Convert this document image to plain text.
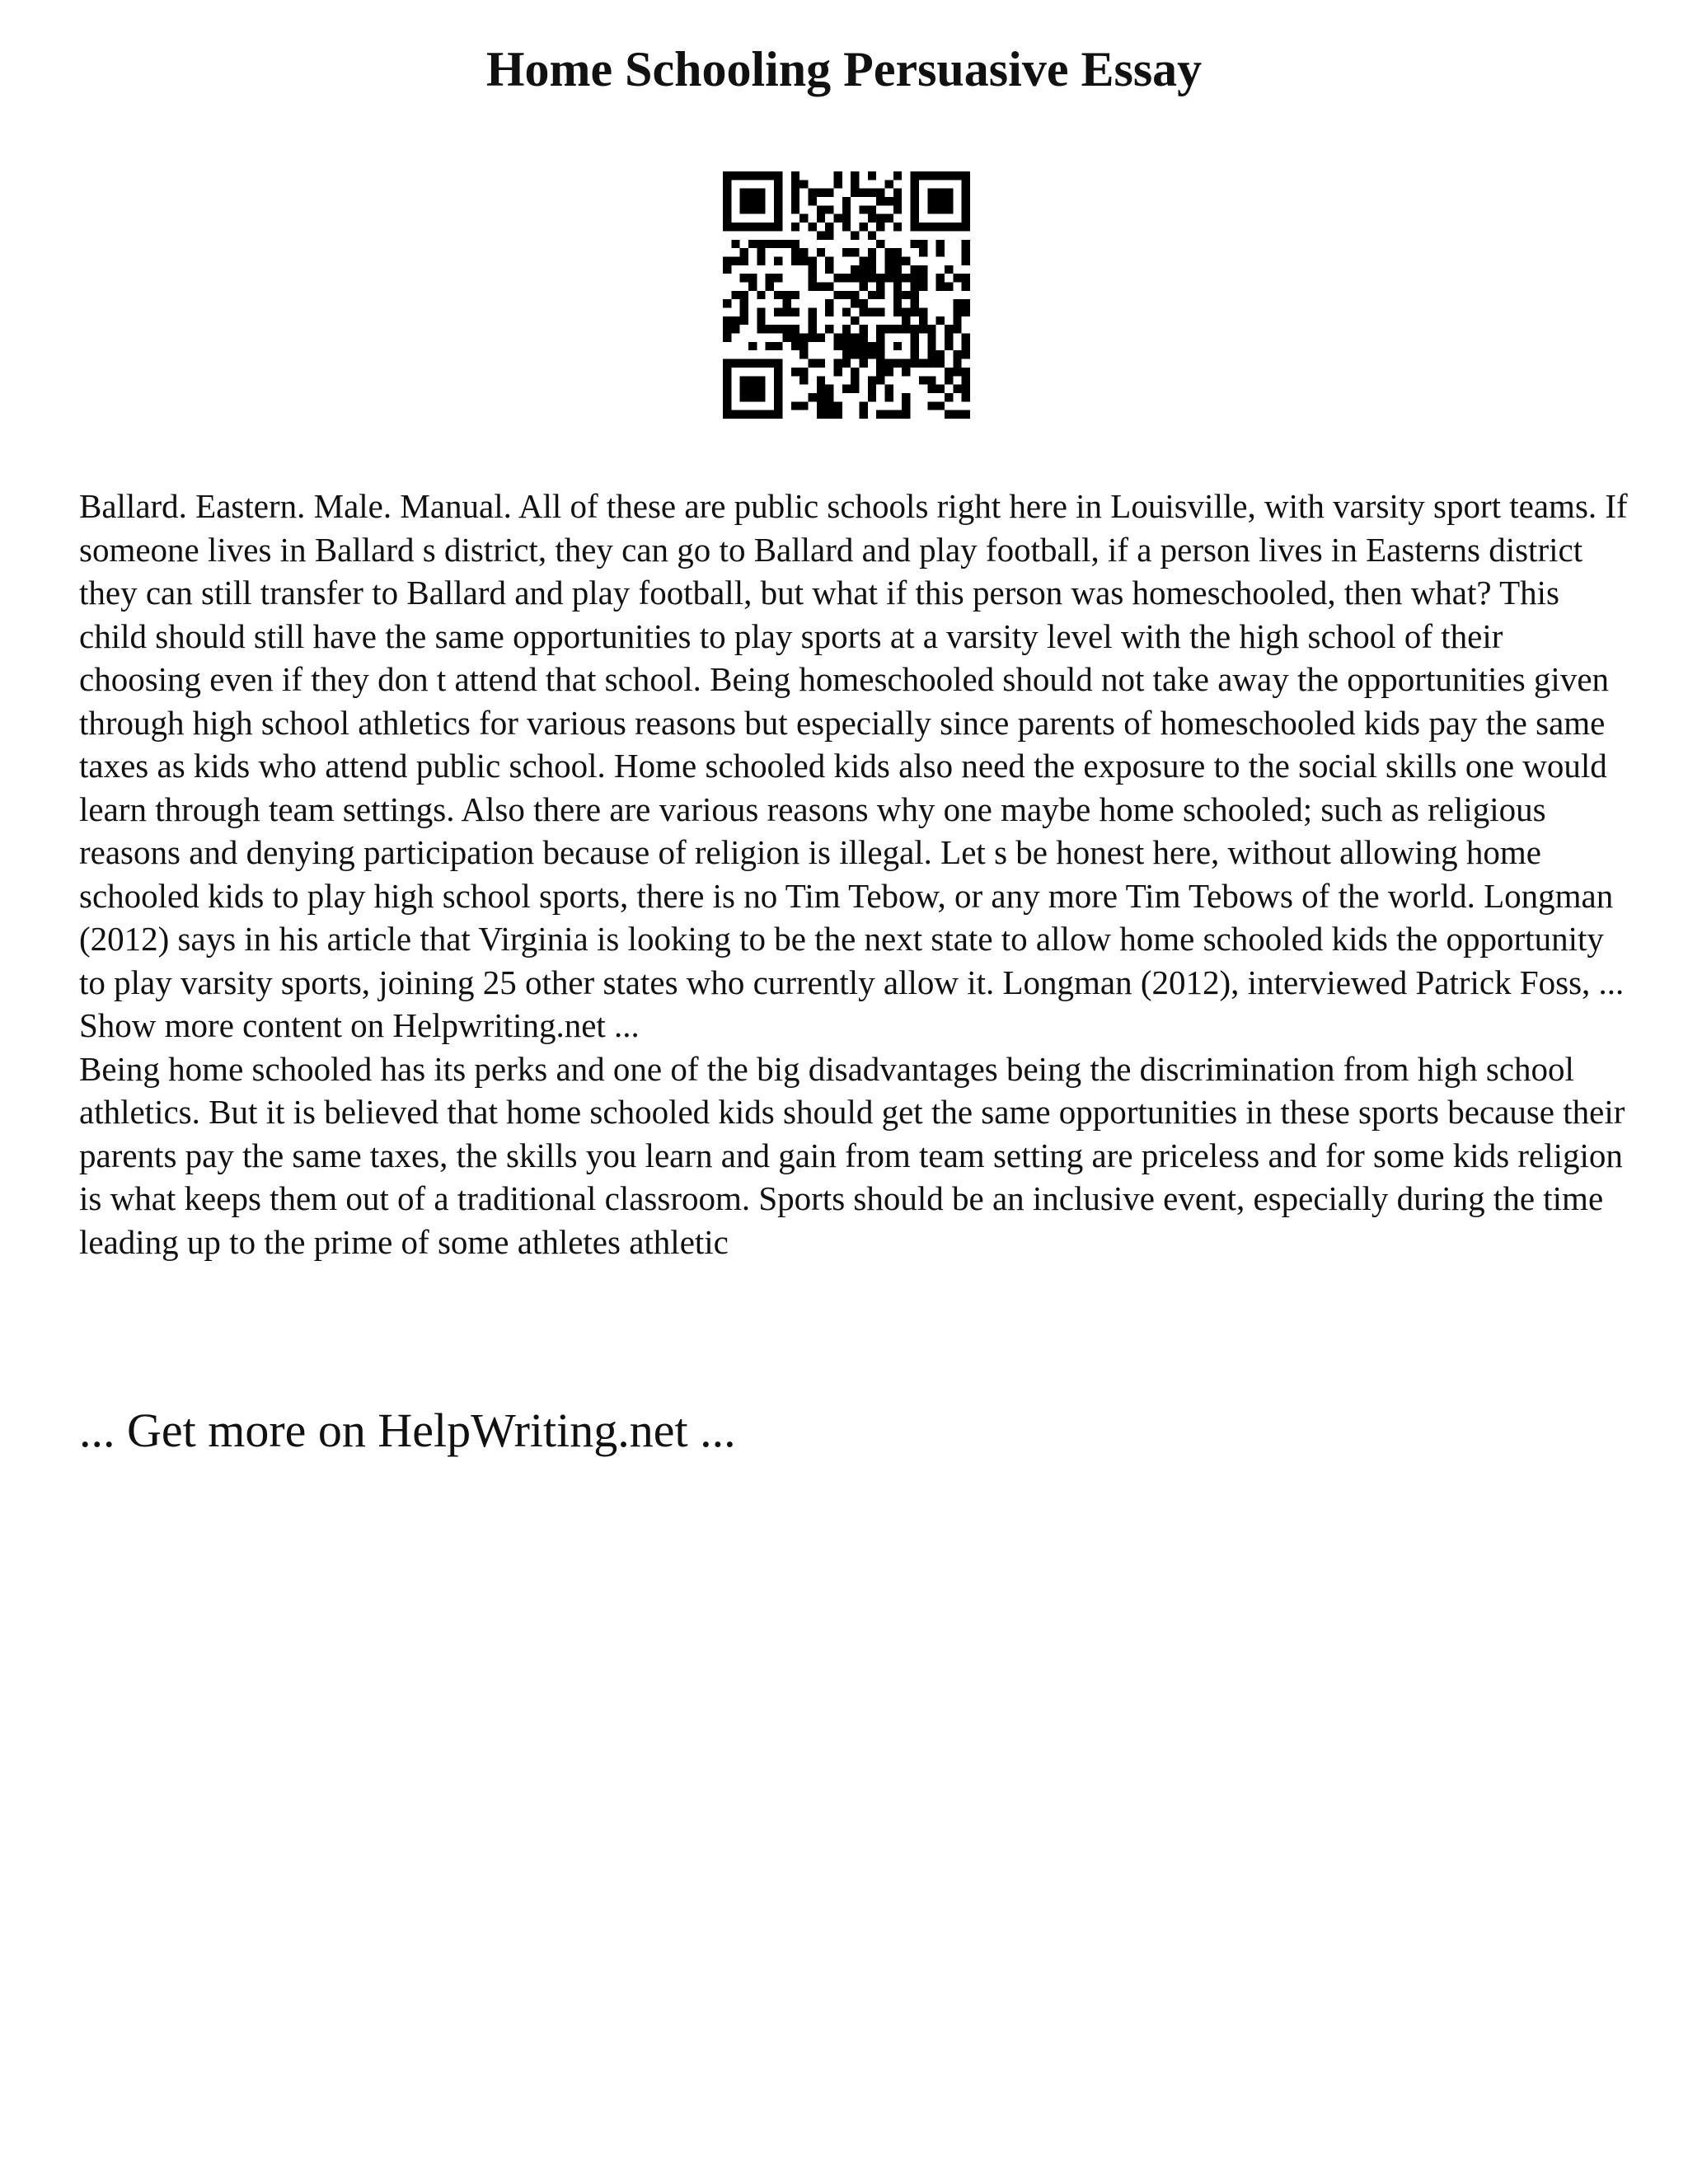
Home Schooling Persuasive Essay

Ballard. Eastern. Male. Manual. All of these are public schools right here in Louisville, with varsity sport teams. If someone lives in Ballard s district, they can go to Ballard and play football, if a person lives in Easterns district they can still transfer to Ballard and play football, but what if this person was homeschooled, then what? This child should still have the same opportunities to play sports at a varsity level with the high school of their choosing even if they don t attend that school. Being homeschooled should not take away the opportunities given through high school athletics for various reasons but especially since parents of homeschooled kids pay the same taxes as kids who attend public school. Home schooled kids also need the exposure to the social skills one would learn through team settings. Also there are various reasons why one maybe home schooled; such as religious reasons and denying participation because of religion is illegal. Let s be honest here, without allowing home schooled kids to play high school sports, there is no Tim Tebow, or any more Tim Tebows of the world. Longman (2012) says in his article that Virginia is looking to be the next state to allow home schooled kids the opportunity to play varsity sports, joining 25 other states who currently allow it. Longman (2012), interviewed Patrick Foss, ... Show more content on Helpwriting.net ...

Being home schooled has its perks and one of the big disadvantages being the discrimination from high school athletics. But it is believed that home schooled kids should get the same opportunities in these sports because their parents pay the same taxes, the skills you learn and gain from team setting are priceless and for some kids religion is what keeps them out of a traditional classroom. Sports should be an inclusive event, especially during the time leading up to the prime of some athletes athletic

... Get more on HelpWriting.net ...
